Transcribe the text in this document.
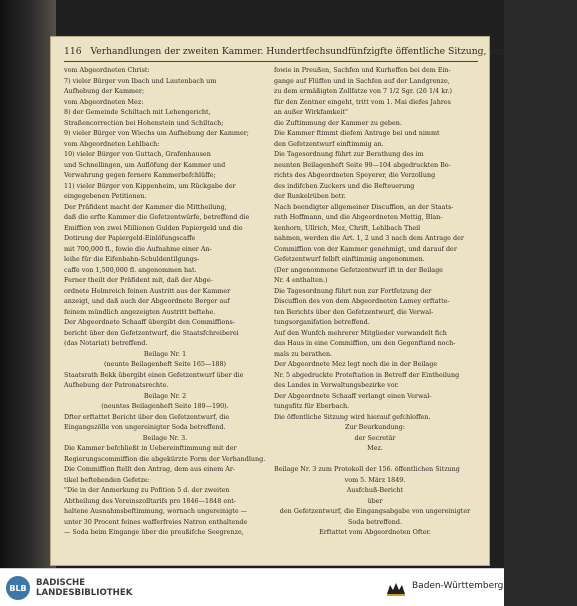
116 Verhandlungen der zweiten Kammer. Hundertfechsundfünfzigfte öffentliche Sitzung, vom 5. März 1849.
vom Abgeordneten Christ:
7) vieler Bürger von Ibach und Lautenbach um
Aufhebung der Kammer;
vom Abgeordneten Mez:
8) der Gemeinde Schiltach mit Lehengericht,
Straßencorrection bei Hohenstein und Schiltach;
9) vieler Bürger von Wiechs um Aufhebung der Kammer;
vom Abgeordneten Lehlbach:
10) vieler Bürger von Guttach, Grafenhausen
und Schnellingen, um Auflöfung der Kammer und
Verwahrung gegen fernere Kammerbefchlüffe;
11) vieler Bürger von Kippenheim, um Rückgabe der
eingegebenen Petitionen.
Der Präfident macht der Kammer die Mittheilung,
daß die erfte Kammer die Gefetzentwürfe, betreffend die
Emiffion von zwei Millionen Gulden Papiergeld und die
Dotirung der Papiergeld-Einlöfungscaffe
mit 700,000 fl., fowie die Aufnahme einer An-
leihe für die Eifenbahn-Schuldentilgungs-
caffe von 1,500,000 fl. angenommen hat.
Ferner theilt der Präfident mit, daß der Abge-
ordnete Helmreich feinen Austritt aus der Kammer
anzeigt, und daß auch der Abgeordnete Berger auf
feinem mündlich angezeigten Austritt beftehe.
Der Abgeordnete Schaaff übergibt den Commiffions-
bericht über den Gefetzentwurf, die Staatsfchreiberei
(das Notariat) betreffend.
Beilage Nr. 1
(neunte Beilagenheft Seite 165—188)
Staatsrath Bekk übergibt einen Gefetzentwurf über die
Aufhebung der Patronatsrechte.
Beilage Nr. 2
(neuntes Beilagenheft Seite 189—190).
Dfter erftattet Bericht über den Gefetzentwurf, die
Eingangszölle von ungereinigter Soda betreffend.
Beilage Nr. 3.
Die Kammer befchließt in Uebereinftimmung mit der
Regierungscommiffion die abgekürzte Form der Verhandlung.
Die Commiffion ftellt den Antrag, dem aus einem Ar-
tikel beftehenden Gefetze:
"Die in der Anmerkung zu Pofition 5 d. der zweiten
Abtheilung des Vereinszolltarifs pro 1846—1848 ent-
haltene Ausnahmsbeftimmung, wornach ungereinigte —
unter 30 Procent feines wafferfreies Natron enthaltende
— Soda beim Eingange über die preußifche Seegrenze,
fowie in Preußen, Sachfen und Kurheffen bei dem Ein-
gange auf Flüffen und in Sachfen auf der Landgrenze,
zu dem ermäßigten Zollfatze von 7 1/2 Sgr. (26 1/4 kr.)
für den Zentner eingeht, tritt vom 1. Mai diefes Jahres
an außer Wirkfamkeit"
die Zuftimmung der Kammer zu geben.
Die Kammer ftimmt diefem Antrage bei und nimmt
den Gefetzentwurf einftimmig an.
Die Tagesordnung führt zur Berathung des im
neunten Beilagenheft Seite 99—104 abgedruckten Be-
richts des Abgeordneten Speyerer, die Verzollung
des indifchen Zuckers und die Befteuerung
der Runkelrüben betr.
Nach beendigter allgemeiner Discuffion, an der Staats-
rath Hoffmann, und die Abgeordneten Mettig, Blan-
kenhorn, Ullrich, Mez, Chrift, Lehlbach Theil
nahmen, werden die Art. 1, 2 und 3 nach dem Antrage der
Commiffion von der Kammer genehmigt, und darauf der
Gefetzentwurf felbft einftimmig angenommen.
(Der angenommene Gefetzentwurf ift in der Beilage
Nr. 4 enthalten.)
Die Tagesordnung führt nun zur Fortfetzung der
Discuffion des von dem Abgeordneten Lamey erftatte-
ten Berichts über den Gefetzentwurf, die Verwal-
tungsorganifation betreffend.
Auf den Wunfch mehrerer Mitglieder verwandelt fich
das Haus in eine Commiffion, um den Gegenftand noch-
mals zu berathen.
Der Abgeordnete Mez legt noch die in der Beilage
Nr. 5 abgedruckte Proteftation in Betreff der Eintheilung
des Landes in Verwaltungsbezirke vor.
Der Abgeordnete Schaaff verlangt einen Verwal-
tungsfitz für Eberbach.
Die öffentliche Sitzung wird hierauf gefchloffen.
Zur Beurkundung:
der Secretär
Mez.
Beilage Nr. 3 zum Protokoll der 156. öffentlichen Sitzung
vom 5. März 1849.
Ausfchuß-Bericht
über
den Gefetzentwurf, die Eingangsabgabe von ungereinigter
Soda betreffend.
Erftattet vom Abgeordneten Ofter.
BLB	BADISCHE
LANDESBIBLIOTHEK
Baden-Württemberg
